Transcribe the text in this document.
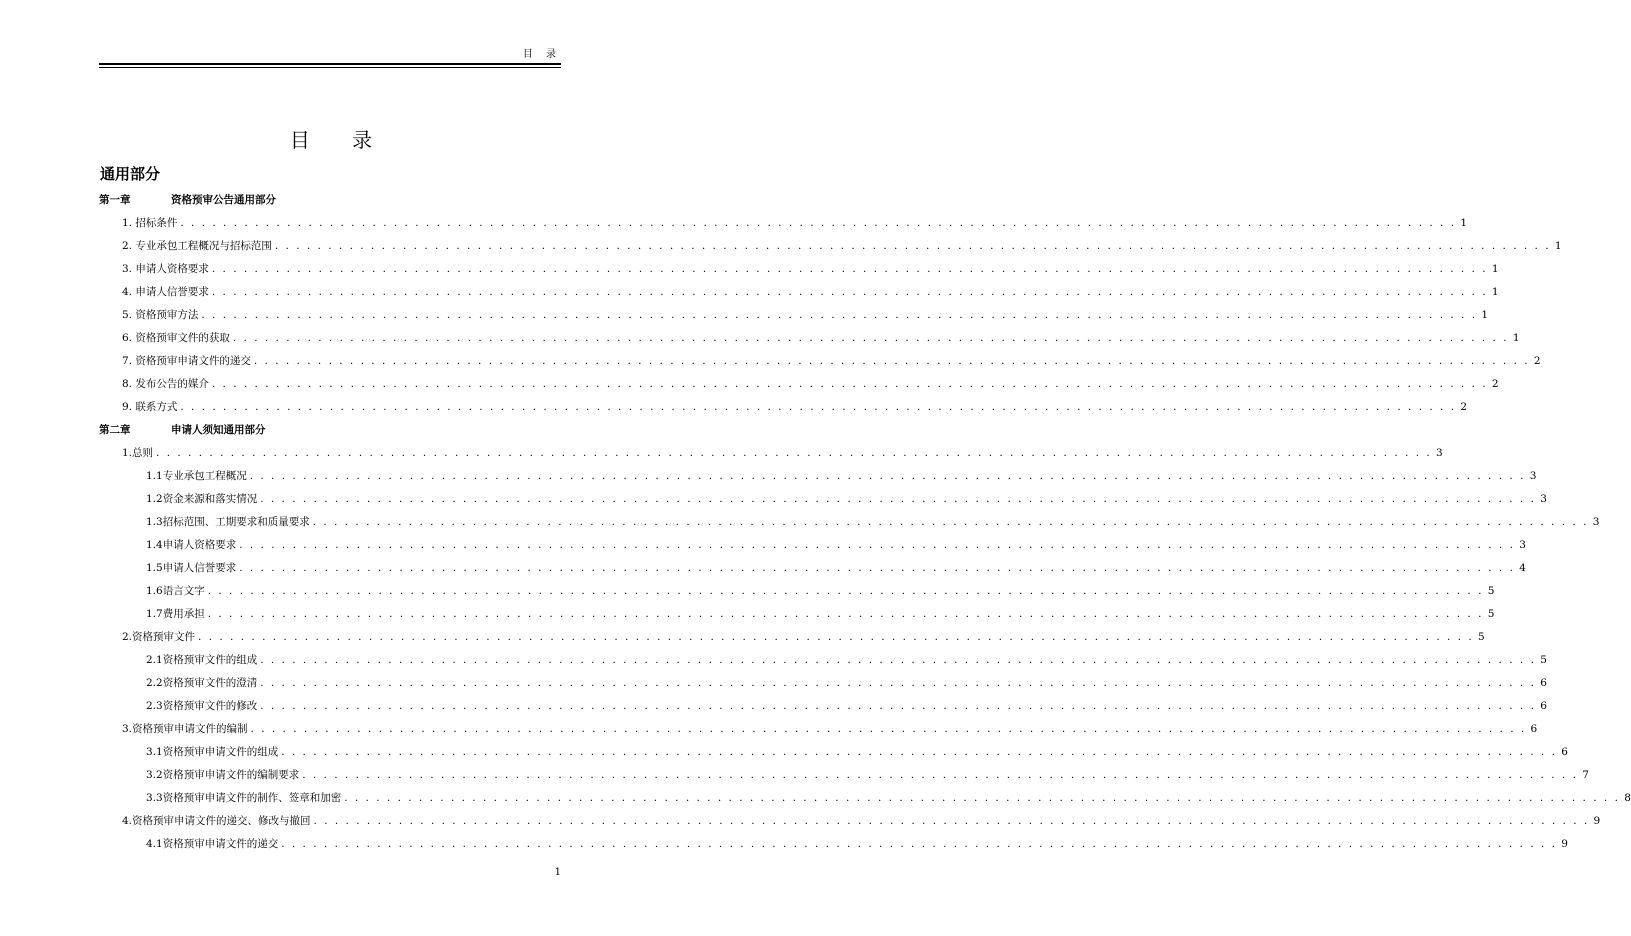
目 录
目 录
通用部分
第一章	资格预审公告通用部分
1. 招标条件 . . . . . . . . . . . . . . . . . . . . . . . . . . . . . . . . . . . . . . . . . . . . . . . . . . . . . . . . . . . . . . . . . . . . . . . . . . . . . . . . . . . . . . . . . . . . . . . . . . . . . . . . . . . . . . . . . . . . . . . . 1
2. 专业承包工程概况与招标范围 . . . . . . . . . . . . . . . . . . . . . . . . . . . . . . . . . . . . . . . . . . . . . . . . . . . . . . . . . . . . . . . . . . . . . . . . . . . . . . . . . . . . . . . . . . . . . . . . . . . . . . . . . . . . . . . . . . . . . . . . 1
3. 申请人资格要求 . . . . . . . . . . . . . . . . . . . . . . . . . . . . . . . . . . . . . . . . . . . . . . . . . . . . . . . . . . . . . . . . . . . . . . . . . . . . . . . . . . . . . . . . . . . . . . . . . . . . . . . . . . . . . . . . . . . . . . . . 1
4. 申请人信誉要求 . . . . . . . . . . . . . . . . . . . . . . . . . . . . . . . . . . . . . . . . . . . . . . . . . . . . . . . . . . . . . . . . . . . . . . . . . . . . . . . . . . . . . . . . . . . . . . . . . . . . . . . . . . . . . . . . . . . . . . . . 1
5. 资格预审方法 . . . . . . . . . . . . . . . . . . . . . . . . . . . . . . . . . . . . . . . . . . . . . . . . . . . . . . . . . . . . . . . . . . . . . . . . . . . . . . . . . . . . . . . . . . . . . . . . . . . . . . . . . . . . . . . . . . . . . . . . 1
6. 资格预审文件的获取 . . . . . . . . . . . . . . . . . . . . . . . . . . . . . . . . . . . . . . . . . . . . . . . . . . . . . . . . . . . . . . . . . . . . . . . . . . . . . . . . . . . . . . . . . . . . . . . . . . . . . . . . . . . . . . . . . . . . . . . . 1
7. 资格预审申请文件的递交 . . . . . . . . . . . . . . . . . . . . . . . . . . . . . . . . . . . . . . . . . . . . . . . . . . . . . . . . . . . . . . . . . . . . . . . . . . . . . . . . . . . . . . . . . . . . . . . . . . . . . . . . . . . . . . . . . . . . . . . . 2
8. 发布公告的媒介 . . . . . . . . . . . . . . . . . . . . . . . . . . . . . . . . . . . . . . . . . . . . . . . . . . . . . . . . . . . . . . . . . . . . . . . . . . . . . . . . . . . . . . . . . . . . . . . . . . . . . . . . . . . . . . . . . . . . . . . . 2
9. 联系方式 . . . . . . . . . . . . . . . . . . . . . . . . . . . . . . . . . . . . . . . . . . . . . . . . . . . . . . . . . . . . . . . . . . . . . . . . . . . . . . . . . . . . . . . . . . . . . . . . . . . . . . . . . . . . . . . . . . . . . . . . 2
第二章	申请人须知通用部分
1.总则 . . . . . . . . . . . . . . . . . . . . . . . . . . . . . . . . . . . . . . . . . . . . . . . . . . . . . . . . . . . . . . . . . . . . . . . . . . . . . . . . . . . . . . . . . . . . . . . . . . . . . . . . . . . . . . . . . . . . . . . . 3
1.1 专业承包工程概况 . . . . . . . . . . . . . . . . . . . . . . . . . . . . . . . . . . . . . . . . . . . . . . . . . . . . . . . . . . . . . . . . . . . . . . . . . . . . . . . . . . . . . . . . . . . . . . . . . . . . . . . . . . . . . . . . . . . . . . . . 3
1.2 资金来源和落实情况 . . . . . . . . . . . . . . . . . . . . . . . . . . . . . . . . . . . . . . . . . . . . . . . . . . . . . . . . . . . . . . . . . . . . . . . . . . . . . . . . . . . . . . . . . . . . . . . . . . . . . . . . . . . . . . . . . . . . . . . . 3
1.3 招标范围、工期要求和质量要求 . . . . . . . . . . . . . . . . . . . . . . . . . . . . . . . . . . . . . . . . . . . . . . . . . . . . . . . . . . . . . . . . . . . . . . . . . . . . . . . . . . . . . . . . . . . . . . . . . . . . . . . . . . . . . . . . . . . . . . . . 3
1.4 申请人资格要求 . . . . . . . . . . . . . . . . . . . . . . . . . . . . . . . . . . . . . . . . . . . . . . . . . . . . . . . . . . . . . . . . . . . . . . . . . . . . . . . . . . . . . . . . . . . . . . . . . . . . . . . . . . . . . . . . . . . . . . . . 3
1.5 申请人信誉要求 . . . . . . . . . . . . . . . . . . . . . . . . . . . . . . . . . . . . . . . . . . . . . . . . . . . . . . . . . . . . . . . . . . . . . . . . . . . . . . . . . . . . . . . . . . . . . . . . . . . . . . . . . . . . . . . . . . . . . . . . 4
1.6 语言文字 . . . . . . . . . . . . . . . . . . . . . . . . . . . . . . . . . . . . . . . . . . . . . . . . . . . . . . . . . . . . . . . . . . . . . . . . . . . . . . . . . . . . . . . . . . . . . . . . . . . . . . . . . . . . . . . . . . . . . . . . 5
1.7 费用承担 . . . . . . . . . . . . . . . . . . . . . . . . . . . . . . . . . . . . . . . . . . . . . . . . . . . . . . . . . . . . . . . . . . . . . . . . . . . . . . . . . . . . . . . . . . . . . . . . . . . . . . . . . . . . . . . . . . . . . . . . 5
2.资格预审文件 . . . . . . . . . . . . . . . . . . . . . . . . . . . . . . . . . . . . . . . . . . . . . . . . . . . . . . . . . . . . . . . . . . . . . . . . . . . . . . . . . . . . . . . . . . . . . . . . . . . . . . . . . . . . . . . . . . . . . . . . 5
2.1 资格预审文件的组成 . . . . . . . . . . . . . . . . . . . . . . . . . . . . . . . . . . . . . . . . . . . . . . . . . . . . . . . . . . . . . . . . . . . . . . . . . . . . . . . . . . . . . . . . . . . . . . . . . . . . . . . . . . . . . . . . . . . . . . . . 5
2.2 资格预审文件的澄清 . . . . . . . . . . . . . . . . . . . . . . . . . . . . . . . . . . . . . . . . . . . . . . . . . . . . . . . . . . . . . . . . . . . . . . . . . . . . . . . . . . . . . . . . . . . . . . . . . . . . . . . . . . . . . . . . . . . . . . . . 6
2.3 资格预审文件的修改 . . . . . . . . . . . . . . . . . . . . . . . . . . . . . . . . . . . . . . . . . . . . . . . . . . . . . . . . . . . . . . . . . . . . . . . . . . . . . . . . . . . . . . . . . . . . . . . . . . . . . . . . . . . . . . . . . . . . . . . . 6
3.资格预审申请文件的编制 . . . . . . . . . . . . . . . . . . . . . . . . . . . . . . . . . . . . . . . . . . . . . . . . . . . . . . . . . . . . . . . . . . . . . . . . . . . . . . . . . . . . . . . . . . . . . . . . . . . . . . . . . . . . . . . . . . . . . . . . 6
3.1 资格预审申请文件的组成 . . . . . . . . . . . . . . . . . . . . . . . . . . . . . . . . . . . . . . . . . . . . . . . . . . . . . . . . . . . . . . . . . . . . . . . . . . . . . . . . . . . . . . . . . . . . . . . . . . . . . . . . . . . . . . . . . . . . . . . . 6
3.2 资格预审申请文件的编制要求 . . . . . . . . . . . . . . . . . . . . . . . . . . . . . . . . . . . . . . . . . . . . . . . . . . . . . . . . . . . . . . . . . . . . . . . . . . . . . . . . . . . . . . . . . . . . . . . . . . . . . . . . . . . . . . . . . . . . . . . . 7
3.3 资格预审申请文件的制作、签章和加密 . . . . . . . . . . . . . . . . . . . . . . . . . . . . . . . . . . . . . . . . . . . . . . . . . . . . . . . . . . . . . . . . . . . . . . . . . . . . . . . . . . . . . . . . . . . . . . . . . . . . . . . . . . . . . . . . . . . . . . . . 8
4.资格预审申请文件的递交、修改与撤回 . . . . . . . . . . . . . . . . . . . . . . . . . . . . . . . . . . . . . . . . . . . . . . . . . . . . . . . . . . . . . . . . . . . . . . . . . . . . . . . . . . . . . . . . . . . . . . . . . . . . . . . . . . . . . . . . . . . . . . . . 9
4.1 资格预审申请文件的递交 . . . . . . . . . . . . . . . . . . . . . . . . . . . . . . . . . . . . . . . . . . . . . . . . . . . . . . . . . . . . . . . . . . . . . . . . . . . . . . . . . . . . . . . . . . . . . . . . . . . . . . . . . . . . . . . . . . . . . . . . 9
1
